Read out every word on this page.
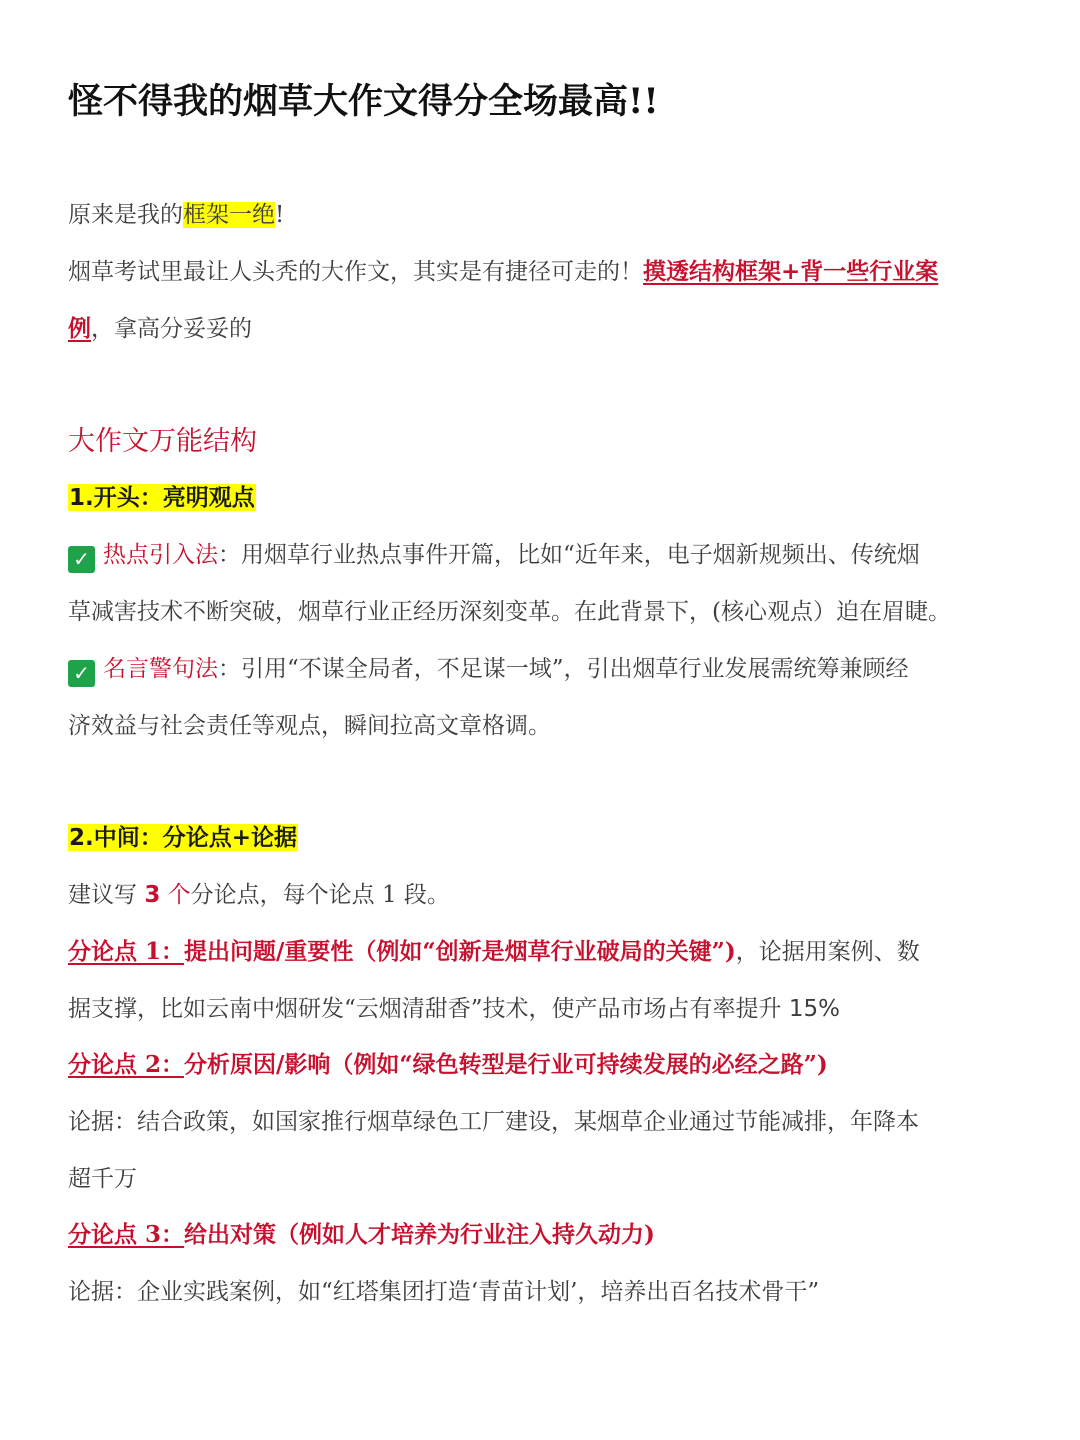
怪不得我的烟草大作文得分全场最高!!
原来是我的框架一绝!
烟草考试里最让人头秃的大作文，其实是有捷径可走的！摸透结构框架+背一些行业案
例，拿高分妥妥的
大作文万能结构
1.开头：亮明观点
✓ 热点引入法：用烟草行业热点事件开篇，比如“近年来，电子烟新规频出、传统烟
草减害技术不断突破，烟草行业正经历深刻变革。在此背景下，(核心观点）迫在眉睫。
✓ 名言警句法：引用“不谋全局者，不足谋一域”，引出烟草行业发展需统筹兼顾经
济效益与社会责任等观点，瞬间拉高文章格调。
2.中间：分论点+论据
建议写 3 个分论点，每个论点 1 段。
分论点 1：提出问题/重要性（例如“创新是烟草行业破局的关键”)，论据用案例、数
据支撑，比如云南中烟研发“云烟清甜香”技术，使产品市场占有率提升 15%
分论点 2：分析原因/影响（例如“绿色转型是行业可持续发展的必经之路”)
论据：结合政策，如国家推行烟草绿色工厂建设，某烟草企业通过节能减排，年降本
超千万
分论点 3：给出对策（例如人才培养为行业注入持久动力)
论据：企业实践案例，如“红塔集团打造‘青苗计划’，培养出百名技术骨干”
